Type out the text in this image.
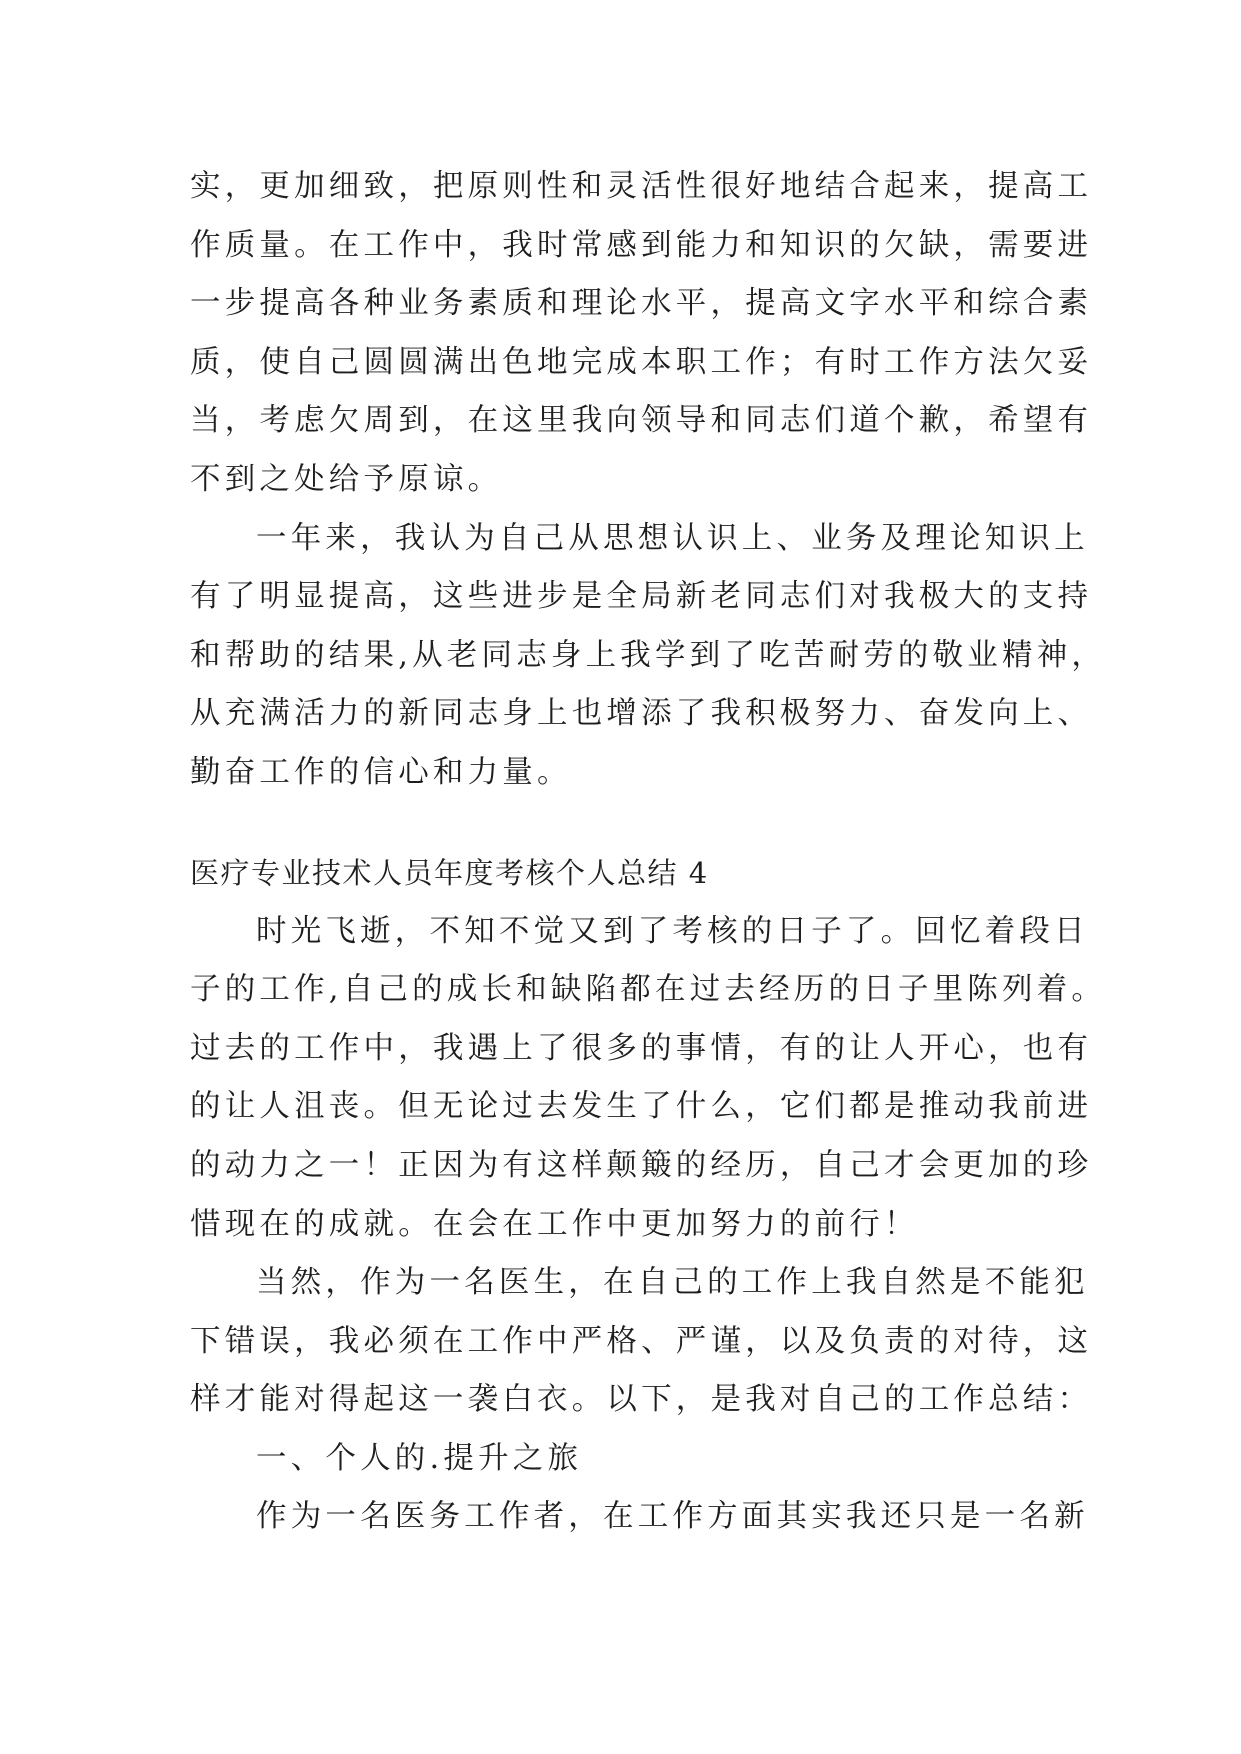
实，更加细致，把原则性和灵活性很好地结合起来，提高工
作质量。在工作中，我时常感到能力和知识的欠缺，需要进
一步提高各种业务素质和理论水平，提高文字水平和综合素
质，使自己圆圆满出色地完成本职工作；有时工作方法欠妥
当，考虑欠周到，在这里我向领导和同志们道个歉，希望有
不到之处给予原谅。
一年来，我认为自己从思想认识上、业务及理论知识上
有了明显提高，这些进步是全局新老同志们对我极大的支持
和帮助的结果,从老同志身上我学到了吃苦耐劳的敬业精神，
从充满活力的新同志身上也增添了我积极努力、奋发向上、
勤奋工作的信心和力量。
医疗专业技术人员年度考核个人总结 4
时光飞逝，不知不觉又到了考核的日子了。回忆着段日
子的工作,自己的成长和缺陷都在过去经历的日子里陈列着。
过去的工作中，我遇上了很多的事情，有的让人开心，也有
的让人沮丧。但无论过去发生了什么，它们都是推动我前进
的动力之一！正因为有这样颠簸的经历，自己才会更加的珍
惜现在的成就。在会在工作中更加努力的前行！
当然，作为一名医生，在自己的工作上我自然是不能犯
下错误，我必须在工作中严格、严谨，以及负责的对待，这
样才能对得起这一袭白衣。以下，是我对自己的工作总结：
一、个人的.提升之旅
作为一名医务工作者，在工作方面其实我还只是一名新
